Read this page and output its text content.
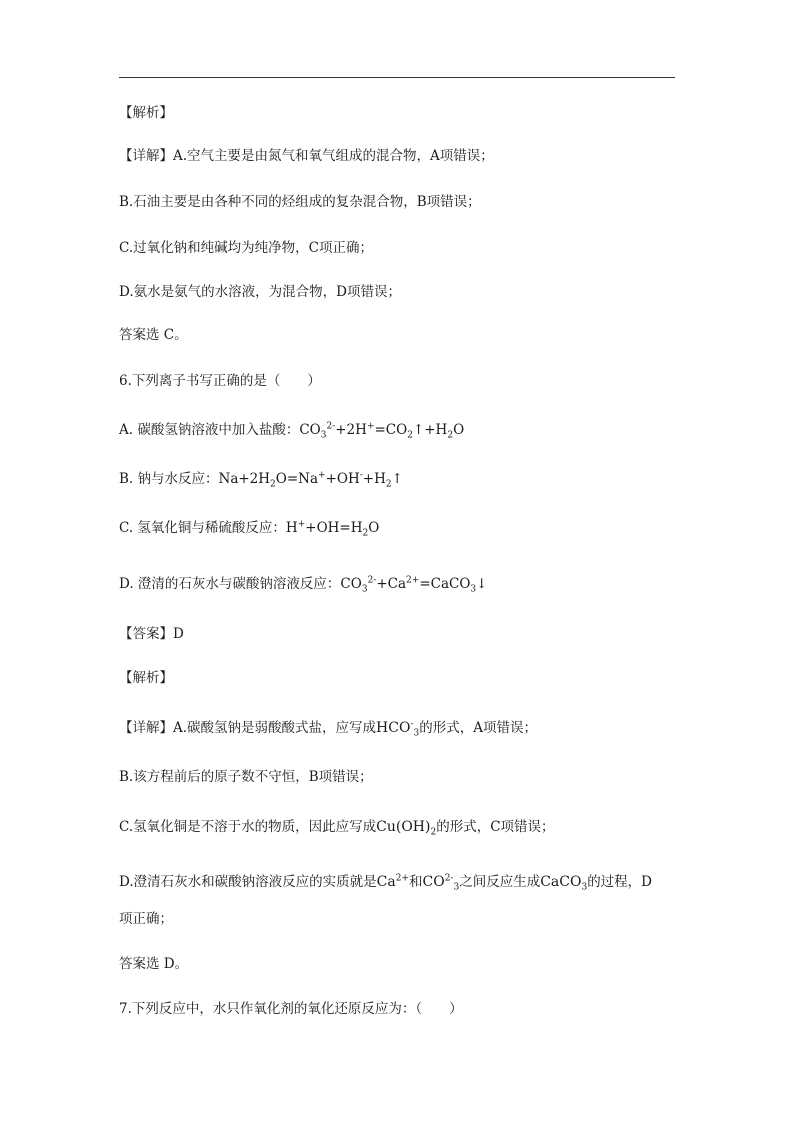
【解析】
【详解】A.空气主要是由氮气和氧气组成的混合物，A项错误；
B.石油主要是由各种不同的烃组成的复杂混合物，B项错误；
C.过氧化钠和纯碱均为纯净物，C项正确；
D.氨水是氨气的水溶液，为混合物，D项错误；
答案选 C。
6.下列离子书写正确的是（　　）
A. 碳酸氢钠溶液中加入盐酸：$CO_3^{2-}+2H^+=CO_2↑+H_2O$
B. 钠与水反应：$Na+2H_2O=Na^++OH^-+H_2↑$
C. 氢氧化铜与稀硫酸反应：$H^++OH=H_2O$
D. 澄清的石灰水与碳酸钠溶液反应：$CO_3^{2-}+Ca^{2+}=CaCO_3↓$
【答案】D
【解析】
【详解】A.碳酸氢钠是弱酸酸式盐，应写成$HCO^-_3$的形式，A项错误；
B.该方程前后的原子数不守恒，B项错误；
C.氢氧化铜是不溶于水的物质，因此应写成$Cu(OH)_2$的形式，C项错误；
D.澄清石灰水和碳酸钠溶液反应的实质就是$Ca^{2+}$和$CO^{2-}_3$之间反应生成CaCO$_3$的过程，D
项正确；
答案选 D。
7.下列反应中，水只作氧化剂的氧化还原反应为：（　　）
